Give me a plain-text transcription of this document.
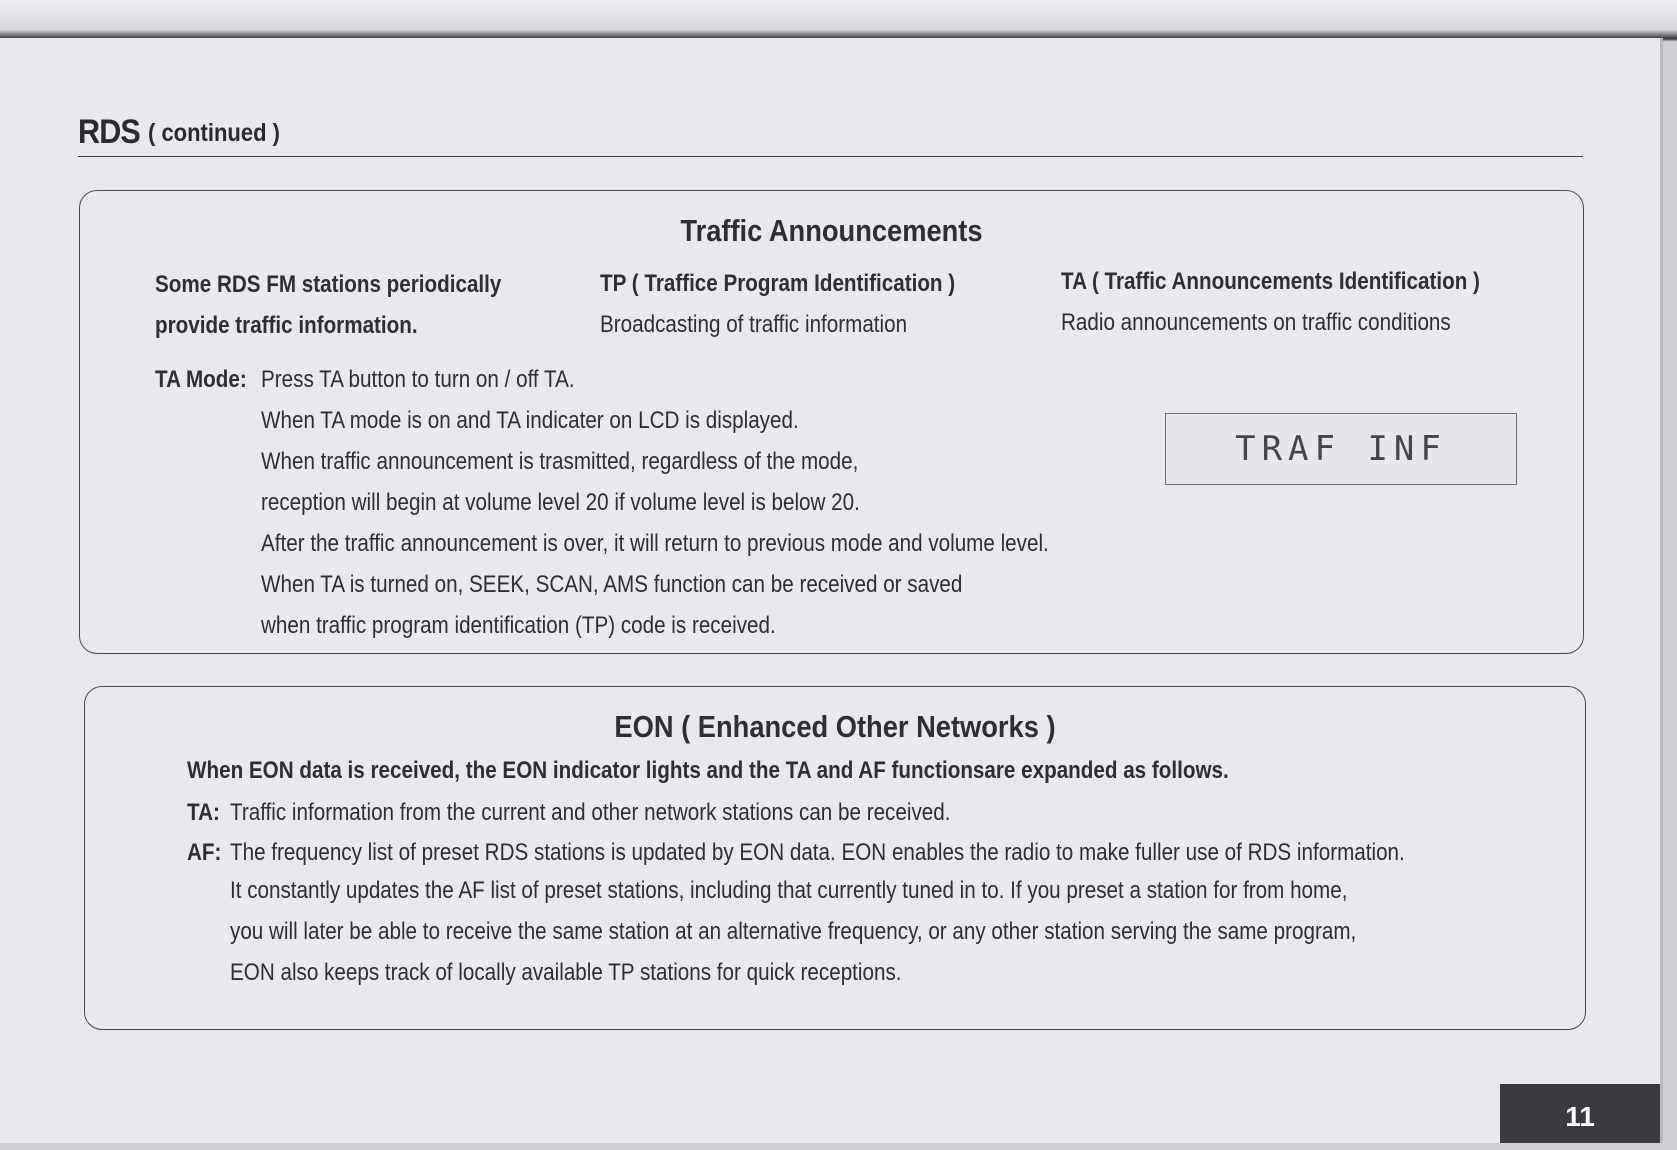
RDS ( continued )
Traffic Announcements
Some RDS FM stations periodically
provide traffic information.
TP ( Traffice Program Identification )
Broadcasting of traffic information
TA ( Traffic Announcements Identification )
Radio announcements on traffic conditions
TA Mode: Press TA button to turn on / off TA.
When TA mode is on and TA indicater on LCD is displayed.
When traffic announcement is trasmitted, regardless of the mode,
reception will begin at volume level 20 if volume level is below 20.
After the traffic announcement is over, it will return to previous mode and volume level.
When TA is turned on, SEEK, SCAN, AMS function can be received or saved
when traffic program identification (TP) code is received.
TRAF INF
EON ( Enhanced Other Networks )
When EON data is received, the EON indicator lights and the TA and AF functionsare expanded as follows.
TA: Traffic information from the current and other network stations can be received.
AF: The frequency list of preset RDS stations is updated by EON data. EON enables the radio to make fuller use of RDS information.
It constantly updates the AF list of preset stations, including that currently tuned in to. If you preset a station for from home,
you will later be able to receive the same station at an alternative frequency, or any other station serving the same program,
EON also keeps track of locally available TP stations for quick receptions.
11
